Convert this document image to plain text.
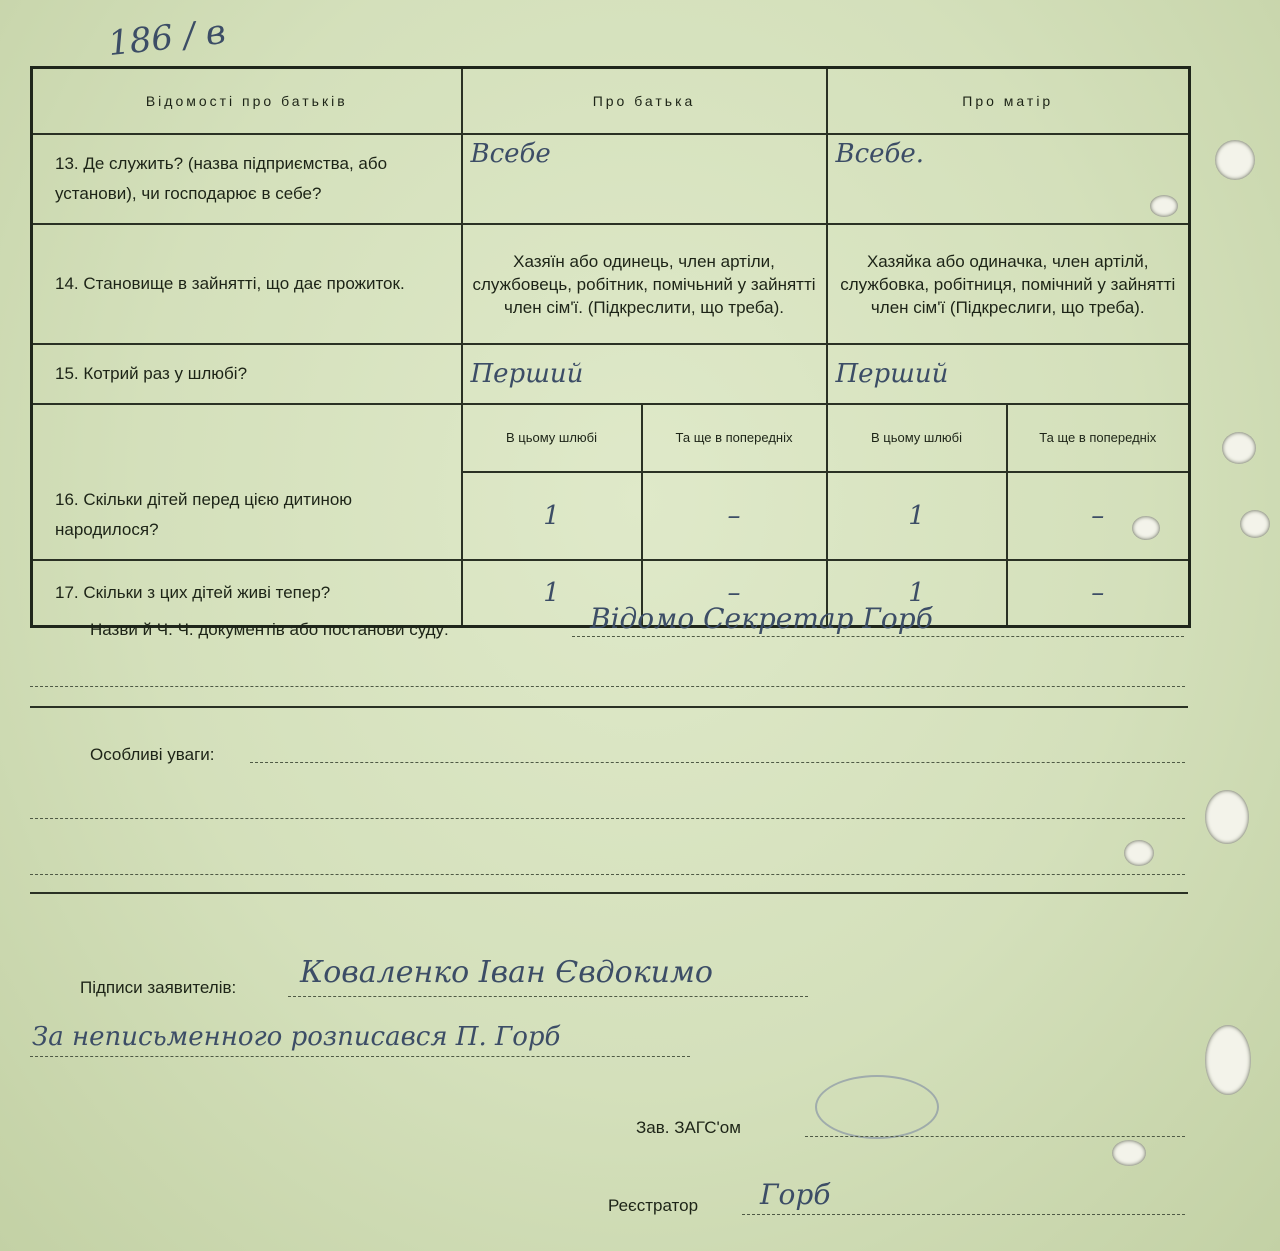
186 / в
Відомості про батьків	Про батька		Про матір	
13. Де служить? (назва підприємства, або установи), чи господарює в себе?	Всебе		Всебе.	
14. Становище в зайнятті, що дає прожиток.	Хазяїн або одинець, член артіли, службовець, робітник, помічьний у зайнятті член сім'ї. (Підкреслити, що треба).		Хазяйка або одиначка, член артілй, службовка, робітниця, помічний у зайнятті член сім'ї (Підкреслиги, що треба).	
15. Котрий раз у шлюбі?	Перший		Перший	
16. Скільки дітей перед цією дитиною народилося?	В цьому шлюбі	Та ще в попередніх	В цьому шлюбі	Та ще в попередніх
	1	–	1	–
17. Скільки з цих дітей живі тепер?	1	–	1	–
Назви й Ч. Ч. документів або постанови суду:	Відомо Секретар Горб
Особливі уваги:
Підписи заявителів: Коваленко Іван Євдокимо
За неписьменного розписався П. Горб
Зав. ЗАГС'ом
Реєстратор Горб
